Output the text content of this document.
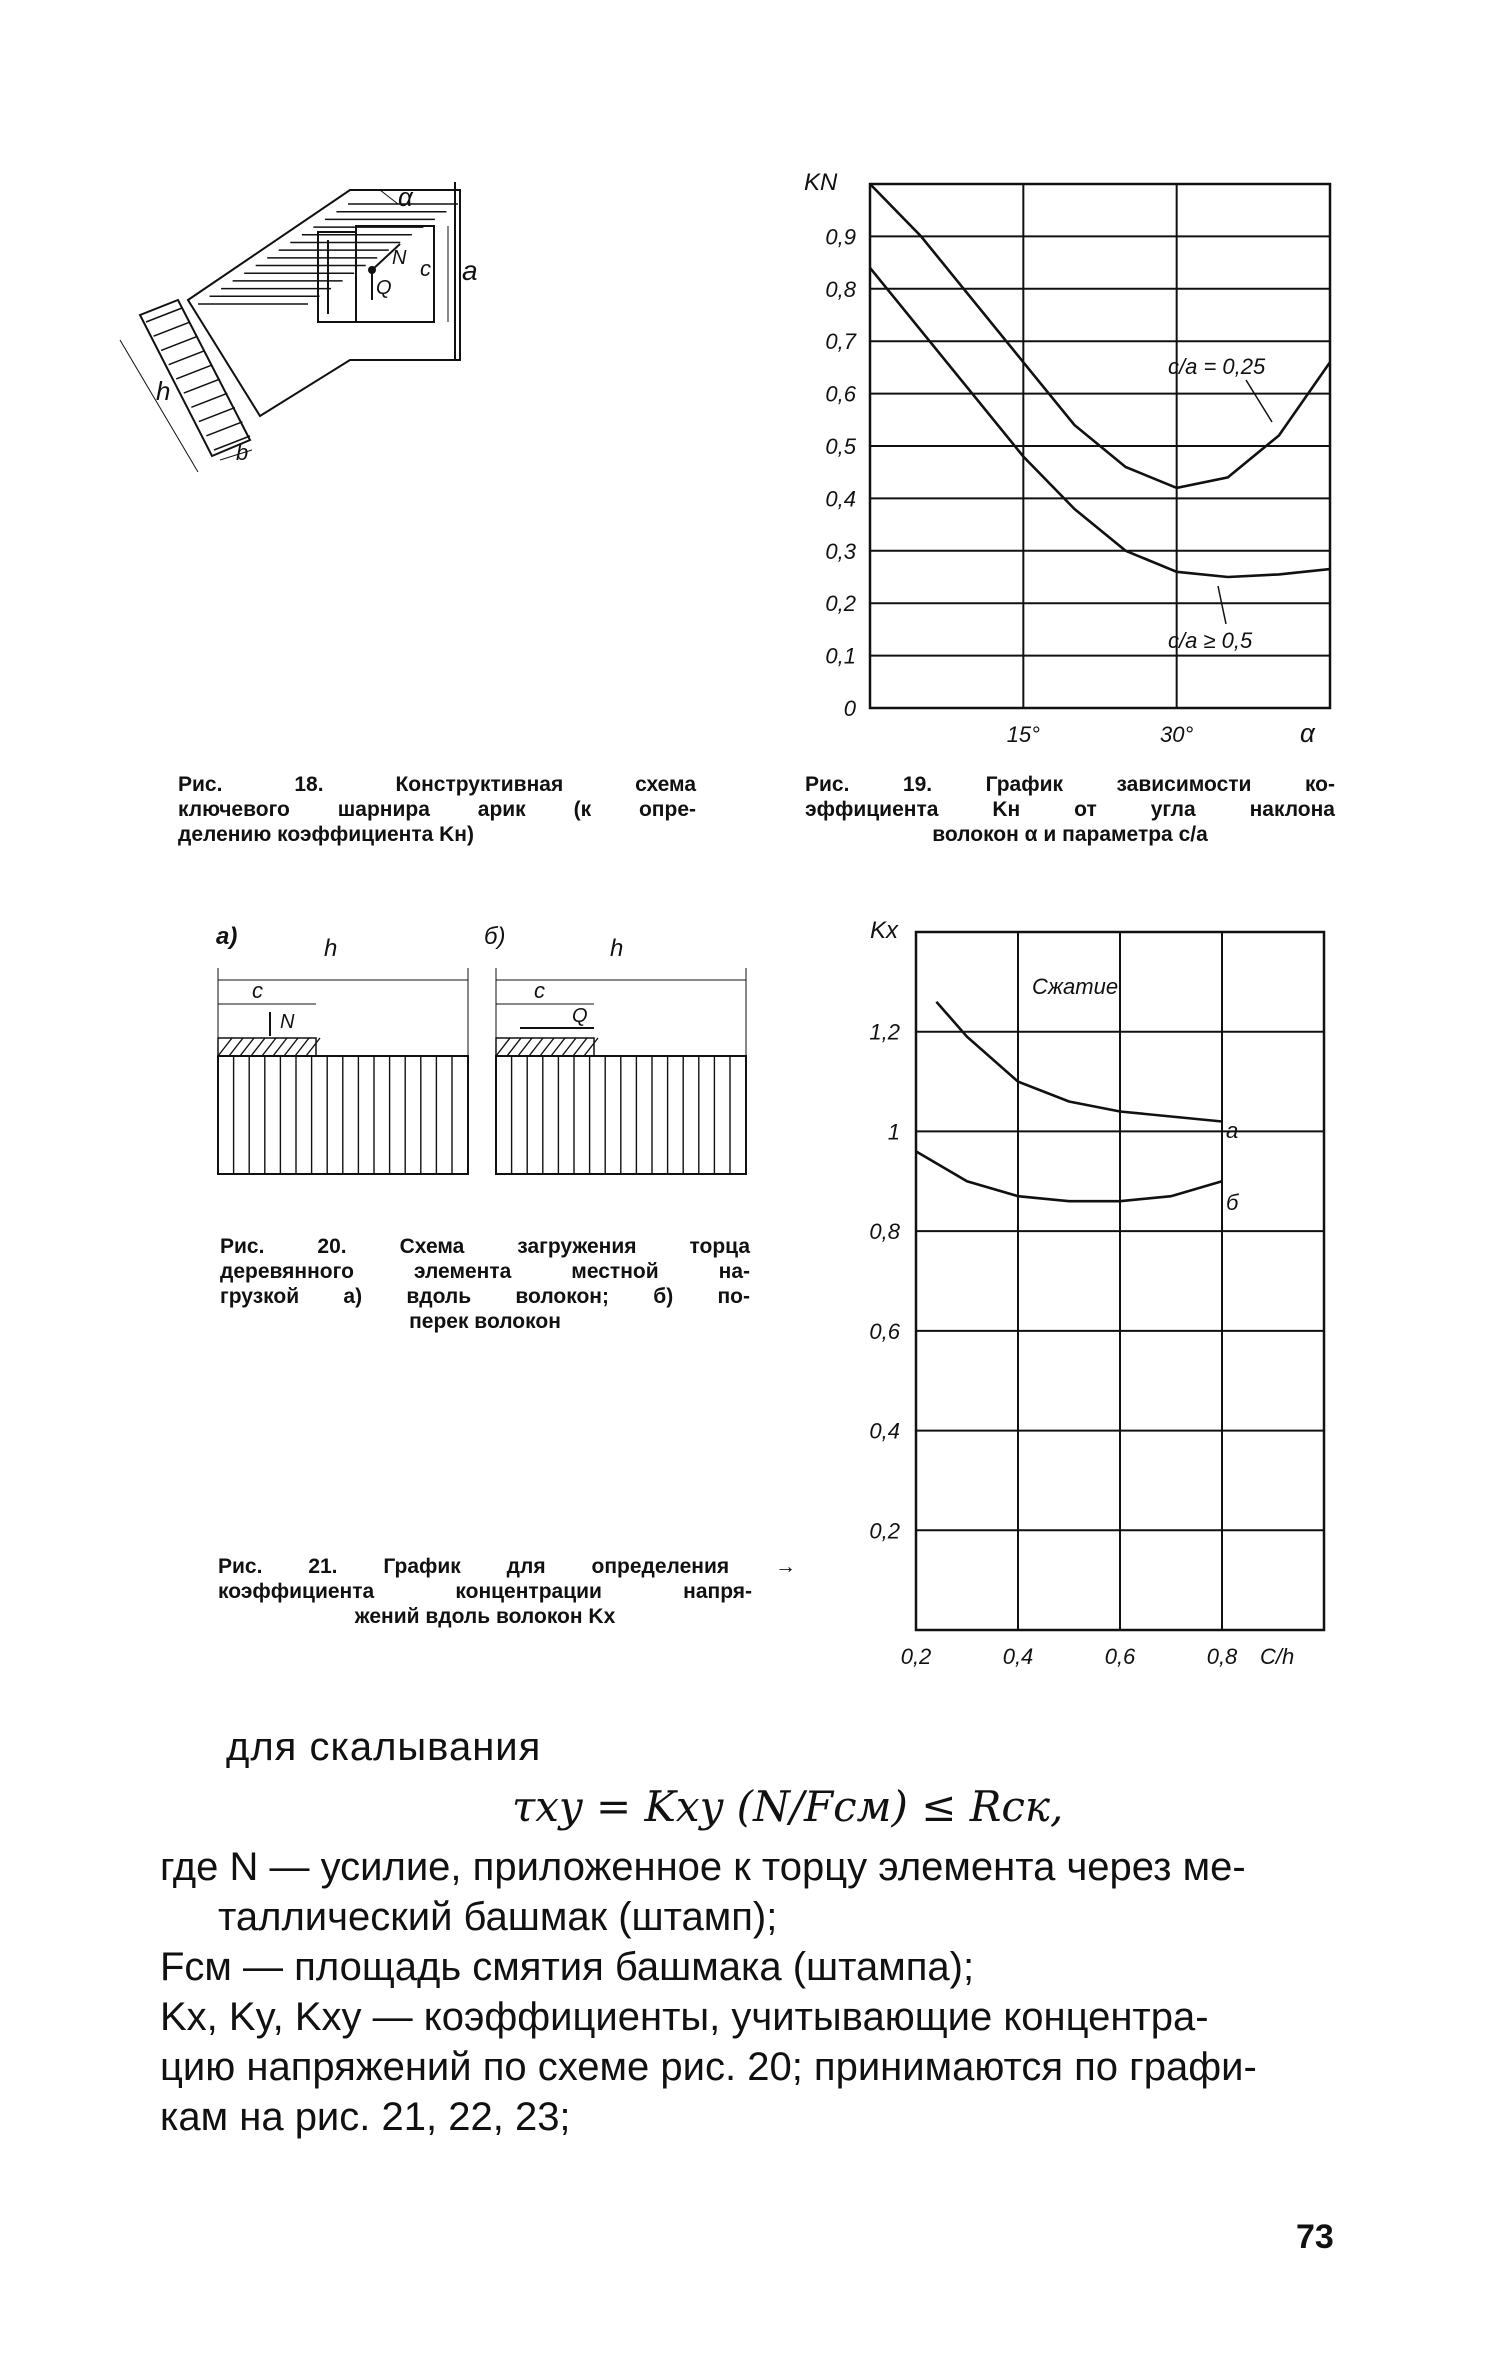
α
N
Q
c a
h
b
Рис. 18. Конструктивная схема
ключевого шарнира арик (к опре-
делению коэффициента Kн)
0
0,1
0,2
0,3
0,4
0,5
0,6
0,7
0,8
0,9
15°	30°
KN
α
c/a = 0,25
c/a ≥ 0,5
Рис. 19. График зависимости ко-
эффициента Kн от угла наклона
волокон α и параметра c/a
a)	h
c
N
б)	h
c
Q
Рис. 20. Схема загружения торца
деревянного элемента местной на-
грузкой a) вдоль волокон; б) по-
перек волокон
0,2
0,4
0,6
0,8
1
1,2
0,2	0,4	0,6	0,8
Kx
C/h
Сжатие
a
б
Рис. 21. График для определения →
коэффициента концентрации напря-
жений вдоль волокон Kx
для скалывания
τxy = Kxy (N/Fсм) ≤ Rск,
где N — усилие, приложенное к торцу элемента через ме-
таллический башмак (штамп);
Fсм — площадь смятия башмака (штампа);
Kx, Ky, Kxy — коэффициенты, учитывающие концентра-
цию напряжений по схеме рис. 20; принимаются по графи-
кам на рис. 21, 22, 23;
73
